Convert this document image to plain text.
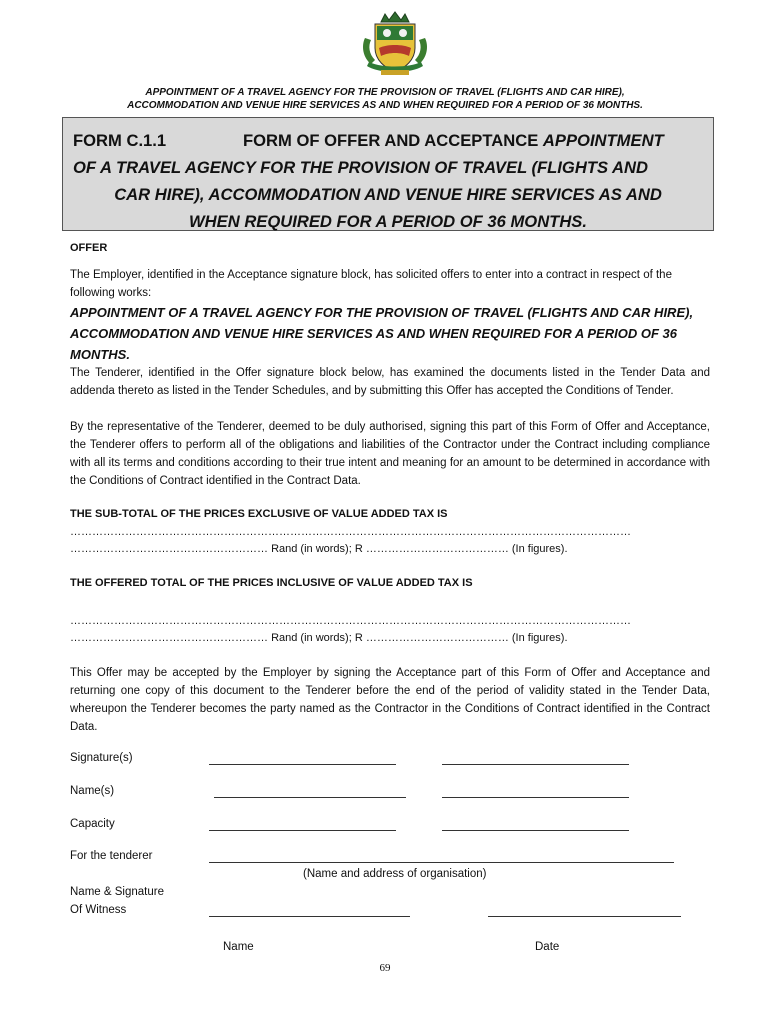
APPOINTMENT OF A TRAVEL AGENCY FOR THE PROVISION OF TRAVEL (FLIGHTS AND CAR HIRE),
ACCOMMODATION AND VENUE HIRE SERVICES AS AND WHEN REQUIRED FOR A PERIOD OF 36 MONTHS.
FORM C.1.1	FORM OF OFFER AND ACCEPTANCE APPOINTMENT
OF A TRAVEL AGENCY FOR THE PROVISION OF TRAVEL (FLIGHTS AND
CAR HIRE), ACCOMMODATION AND VENUE HIRE SERVICES AS AND
WHEN REQUIRED FOR A PERIOD OF 36 MONTHS.
OFFER
The Employer, identified in the Acceptance signature block, has solicited offers to enter into a contract in respect of the following works:
APPOINTMENT OF A TRAVEL AGENCY FOR THE PROVISION OF TRAVEL (FLIGHTS AND CAR HIRE), ACCOMMODATION AND VENUE HIRE SERVICES AS AND WHEN REQUIRED FOR A PERIOD OF 36 MONTHS.
The Tenderer, identified in the Offer signature block below, has examined the documents listed in the Tender Data and addenda thereto as listed in the Tender Schedules, and by submitting this Offer has accepted the Conditions of Tender.
By the representative of the Tenderer, deemed to be duly authorised, signing this part of this Form of Offer and Acceptance, the Tenderer offers to perform all of the obligations and liabilities of the Contractor under the Contract including compliance with all its terms and conditions according to their true intent and meaning for an amount to be determined in accordance with the Conditions of Contract identified in the Contract Data.
THE SUB-TOTAL OF THE PRICES EXCLUSIVE OF VALUE ADDED TAX IS
………………………………………………………………………………………………………………………………………
……………………………………………… Rand (in words); R ………………………………… (In figures).
THE OFFERED TOTAL OF THE PRICES INCLUSIVE OF VALUE ADDED TAX IS
………………………………………………………………………………………………………………………………………
……………………………………………… Rand (in words); R ………………………………… (In figures).
This Offer may be accepted by the Employer by signing the Acceptance part of this Form of Offer and Acceptance and returning one copy of this document to the Tenderer before the end of the period of validity stated in the Tender Data, whereupon the Tenderer becomes the party named as the Contractor in the Conditions of Contract identified in the Contract Data.
Signature(s)
Name(s)
Capacity
For the tenderer
(Name and address of organisation)
Name & Signature
Of Witness
Name	Date
69
